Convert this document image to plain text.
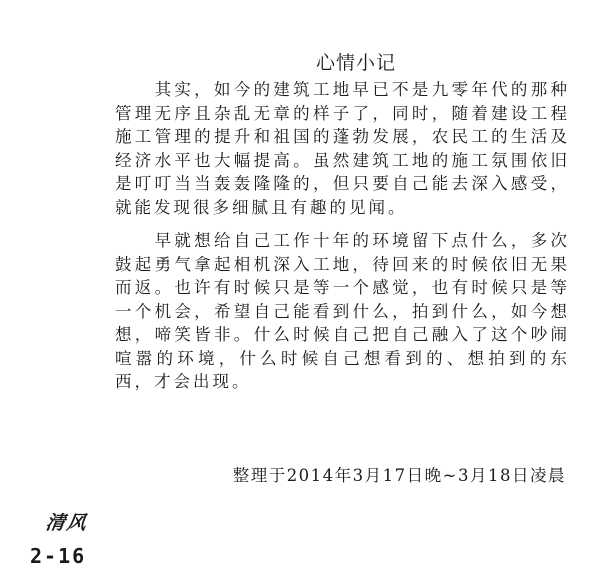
心情小记

其实，如今的建筑工地早已不是九零年代的那种管理无序且杂乱无章的样子了，同时，随着建设工程施工管理的提升和祖国的蓬勃发展，农民工的生活及经济水平也大幅提高。虽然建筑工地的施工氛围依旧是叮叮当当轰轰隆隆的，但只要自己能去深入感受，就能发现很多细腻且有趣的见闻。

早就想给自己工作十年的环境留下点什么，多次鼓起勇气拿起相机深入工地，待回来的时候依旧无果而返。也许有时候只是等一个感觉，也有时候只是等一个机会，希望自己能看到什么，拍到什么，如今想想，啼笑皆非。什么时候自己把自己融入了这个吵闹喧嚣的环境，什么时候自己想看到的、想拍到的东西，才会出现。

整理于2014年3月17日晚~3月18日凌晨
清风
2-16
